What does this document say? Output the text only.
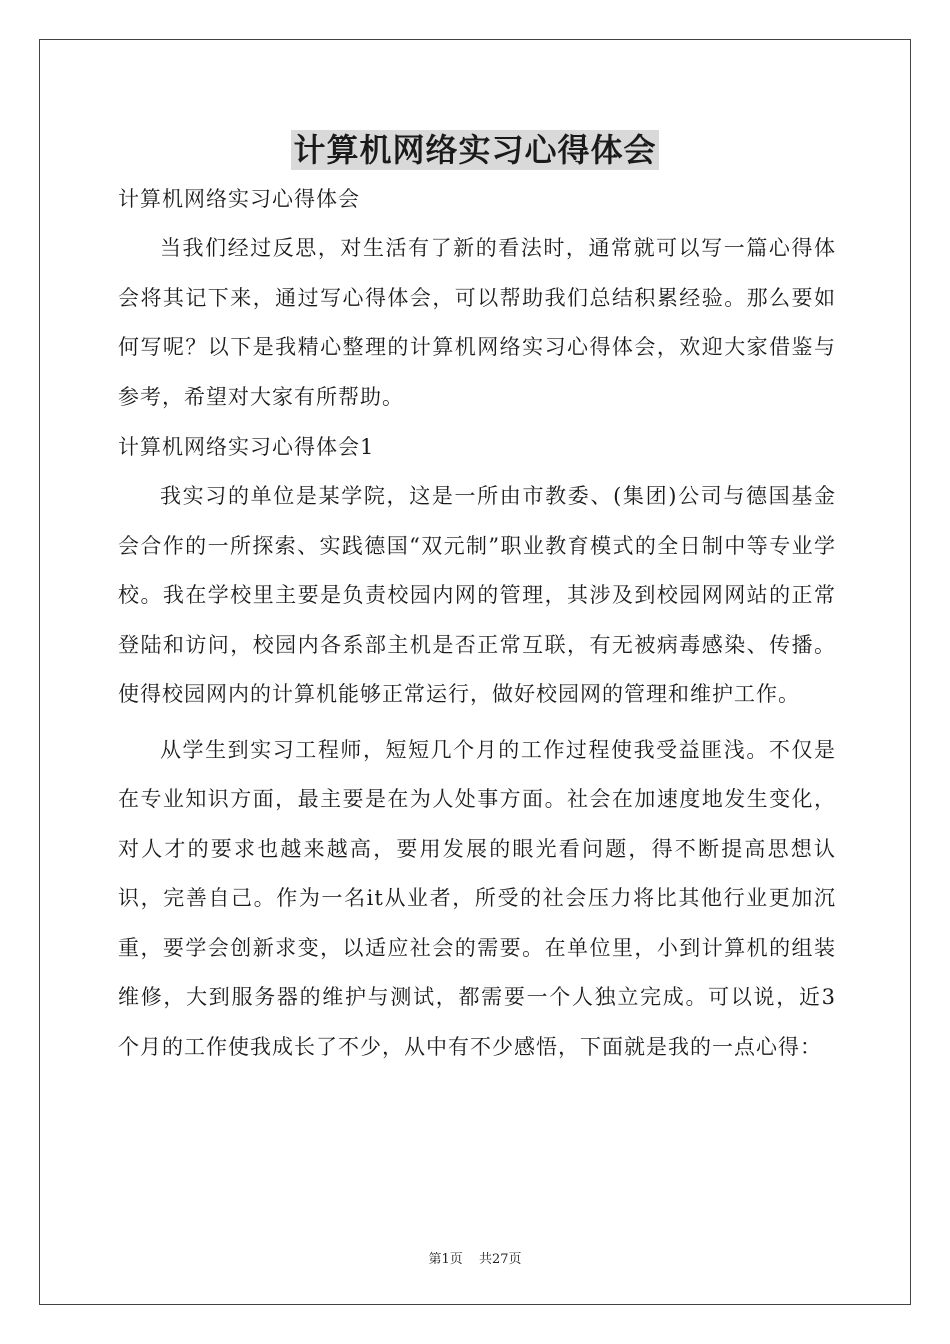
计算机网络实习心得体会

计算机网络实习心得体会

当我们经过反思，对生活有了新的看法时，通常就可以写一篇心得体会将其记下来，通过写心得体会，可以帮助我们总结积累经验。那么要如何写呢？以下是我精心整理的计算机网络实习心得体会，欢迎大家借鉴与参考，希望对大家有所帮助。

计算机网络实习心得体会1

我实习的单位是某学院，这是一所由市教委、(集团)公司与德国基金会合作的一所探索、实践德国“双元制”职业教育模式的全日制中等专业学校。我在学校里主要是负责校园内网的管理，其涉及到校园网网站的正常登陆和访问，校园内各系部主机是否正常互联，有无被病毒感染、传播。使得校园网内的计算机能够正常运行，做好校园网的管理和维护工作。

从学生到实习工程师，短短几个月的工作过程使我受益匪浅。不仅是在专业知识方面，最主要是在为人处事方面。社会在加速度地发生变化，对人才的要求也越来越高，要用发展的眼光看问题，得不断提高思想认识，完善自己。作为一名it从业者，所受的社会压力将比其他行业更加沉重，要学会创新求变，以适应社会的需要。在单位里，小到计算机的组装维修，大到服务器的维护与测试，都需要一个人独立完成。可以说，近3个月的工作使我成长了不少，从中有不少感悟，下面就是我的一点心得：

第1页 共27页
